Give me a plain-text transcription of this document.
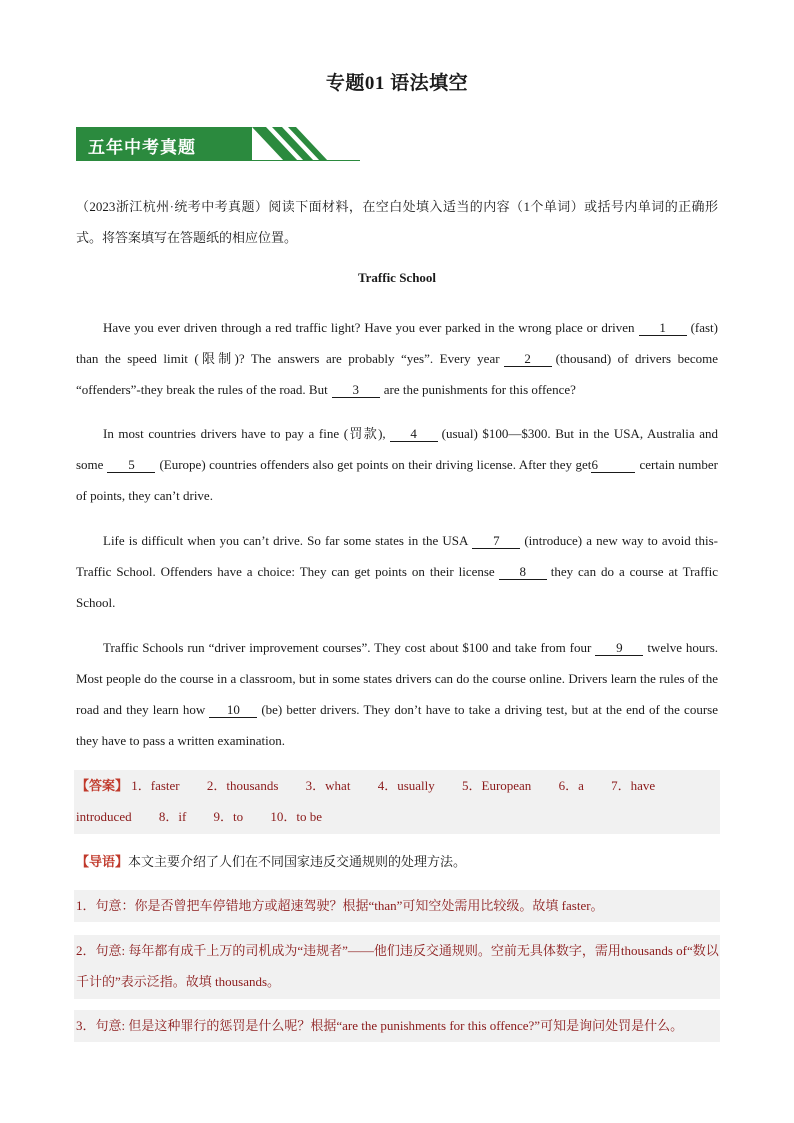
专题01 语法填空
五年中考真题
（2023浙江杭州·统考中考真题）阅读下面材料，在空白处填入适当的内容（1个单词）或括号内单词的正确形式。将答案填写在答题纸的相应位置。
Traffic School
Have you ever driven through a red traffic light? Have you ever parked in the wrong place or driven 1 (fast) than the speed limit (限制)? The answers are probably “yes”. Every year 2 (thousand) of drivers become “offenders”-they break the rules of the road. But 3 are the punishments for this offence?
In most countries drivers have to pay a fine (罚款), 4 (usual) $100—$300. But in the USA, Australia and some 5 (Europe) countries offenders also get points on their driving license. After they get6	certain number of points, they can’t drive.
Life is difficult when you can’t drive. So far some states in the USA 7 (introduce) a new way to avoid this-Traffic School. Offenders have a choice: They can get points on their license 8 they can do a course at Traffic School.
Traffic Schools run “driver improvement courses”. They cost about $100 and take from four 9 twelve hours. Most people do the course in a classroom, but in some states drivers can do the course online. Drivers learn the rules of the road and they learn how 10 (be) better drivers. They don’t have to take a driving test, but at the end of the course they have to pass a written examination.
【答案】 1．faster 2．thousands 3．what 4．usually 5．European 6．a 7．have
introduced 8．if 9．to 10．to be
【导语】本文主要介绍了人们在不同国家违反交通规则的处理方法。
1．句意：你是否曾把车停错地方或超速驾驶？根据“than”可知空处需用比较级。故填 faster。
2．句意: 每年都有成千上万的司机成为“违规者”——他们违反交通规则。空前无具体数字，需用thousands of“数以千计的”表示泛指。故填 thousands。
3．句意: 但是这种罪行的惩罚是什么呢？根据“are the punishments for this offence?”可知是询问处罚是什么。
